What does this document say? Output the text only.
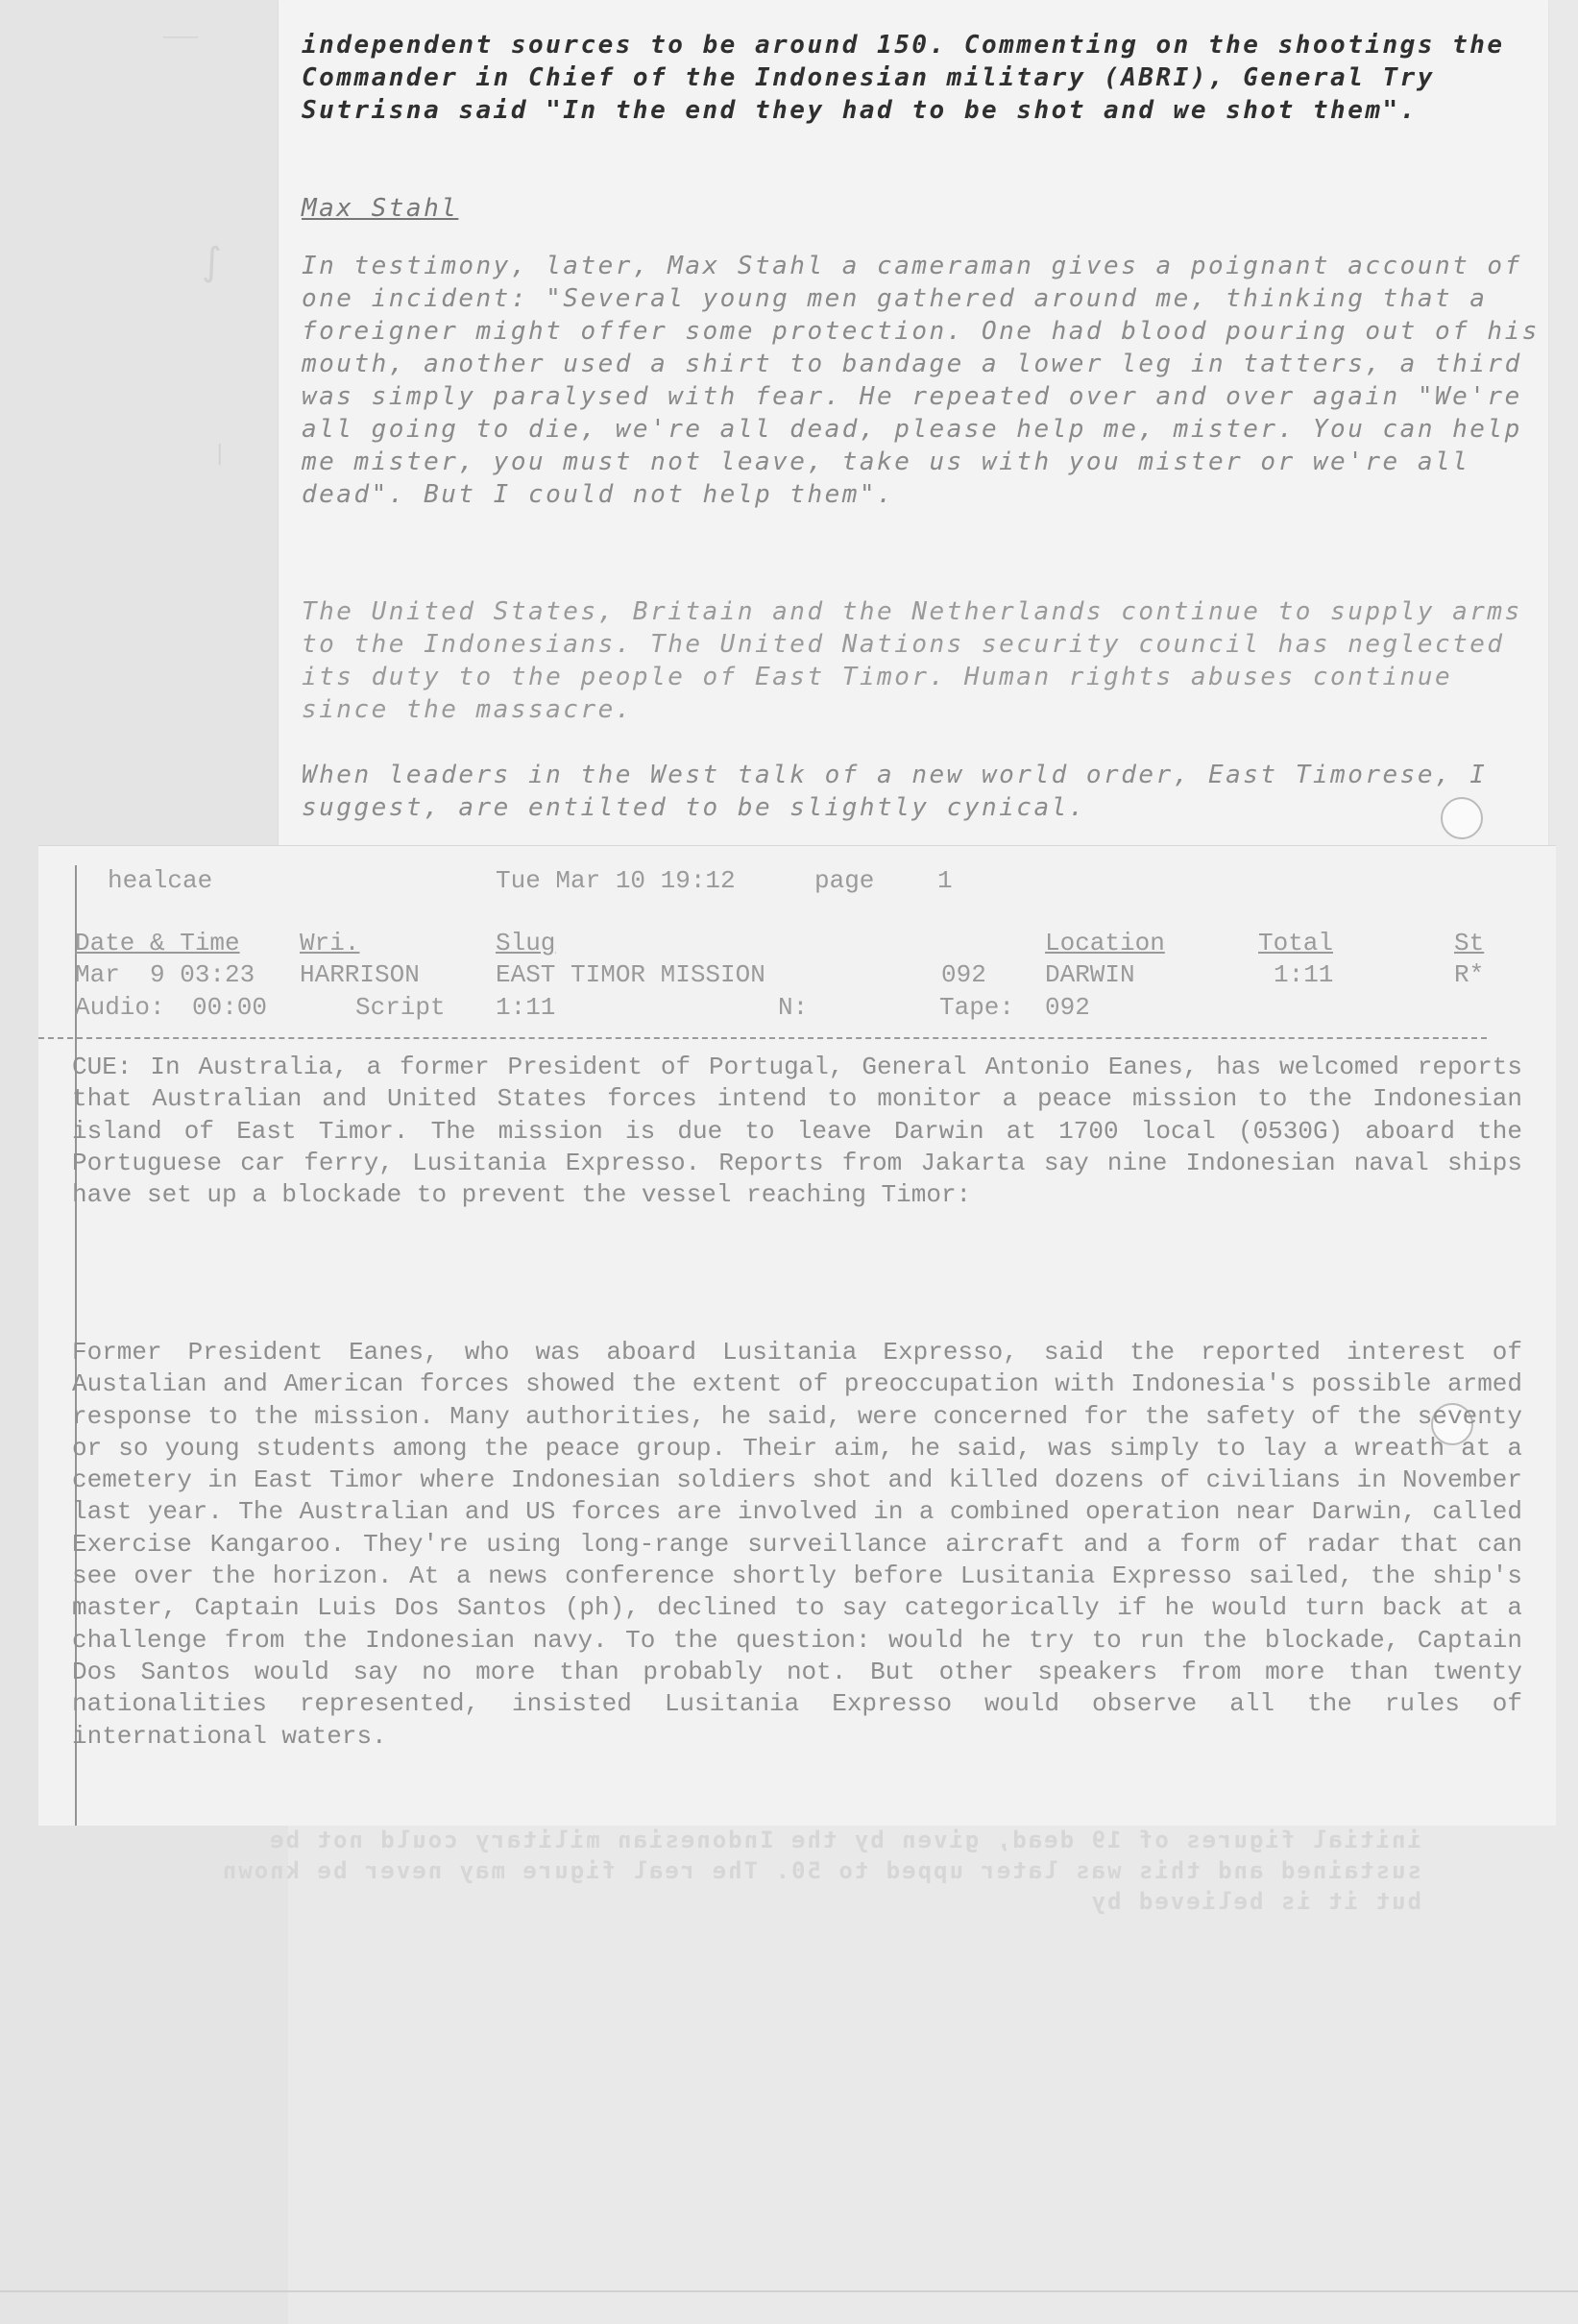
――
∫
|

independent sources to be around 150. Commenting on the shootings the Commander in Chief of the Indonesian military (ABRI), General Try Sutrisna said "In the end they had to be shot and we shot them".

Max Stahl

In testimony, later, Max Stahl a cameraman gives a poignant account of one incident: "Several young men gathered around me, thinking that a foreigner might offer some protection. One had blood pouring out of his mouth, another used a shirt to bandage a lower leg in tatters, a third was simply paralysed with fear. He repeated over and over again "We're all going to die, we're all dead, please help me, mister. You can help me mister, you must not leave, take us with you mister or we're all dead". But I could not help them".

The United States, Britain and the Netherlands continue to supply arms to the Indonesians. The United Nations security council has neglected its duty to the people of East Timor. Human rights abuses continue since the massacre.

When leaders in the West talk of a new world order, East Timorese, I suggest, are entilted to be slightly cynical.

healcae	Tue Mar 10 19:12	page	1
Date & Time Wri.	Slug	Location	Total	St
Mar  9 03:23 HARRISON	EAST TIMOR MISSION	092 DARWIN	1:11	R*
Audio: 00:00	Script 1:11	N:	Tape: 092

CUE: In Australia, a former President of Portugal, General Antonio Eanes, has welcomed reports that Australian and United States forces intend to monitor a peace mission to the Indonesian island of East Timor. The mission is due to leave Darwin at 1700 local (0530G) aboard the Portuguese car ferry, Lusitania Expresso. Reports from Jakarta say nine Indonesian naval ships have set up a blockade to prevent the vessel reaching Timor:

Former President Eanes, who was aboard Lusitania Expresso, said the reported interest of Austalian and American forces showed the extent of preoccupation with Indonesia's possible armed response to the mission. Many authorities, he said, were concerned for the safety of the seventy or so young students among the peace group. Their aim, he said, was simply to lay a wreath at a cemetery in East Timor where Indonesian soldiers shot and killed dozens of civilians in November last year. The Australian and US forces are involved in a combined operation near Darwin, called Exercise Kangaroo. They're using long-range surveillance aircraft and a form of radar that can see over the horizon. At a news conference shortly before Lusitania Expresso sailed, the ship's master, Captain Luis Dos Santos (ph), declined to say categorically if he would turn back at a challenge from the Indonesian navy. To the question: would he try to run the blockade, Captain Dos Santos would say no more than probably not. But other speakers from more than twenty nationalities represented, insisted Lusitania Expresso would observe all the rules of international waters.

initial figures of 19 dead, given by the Indonesian military could not be sustained and this was later upped to 50. The real figure may never be known but it is believed by
